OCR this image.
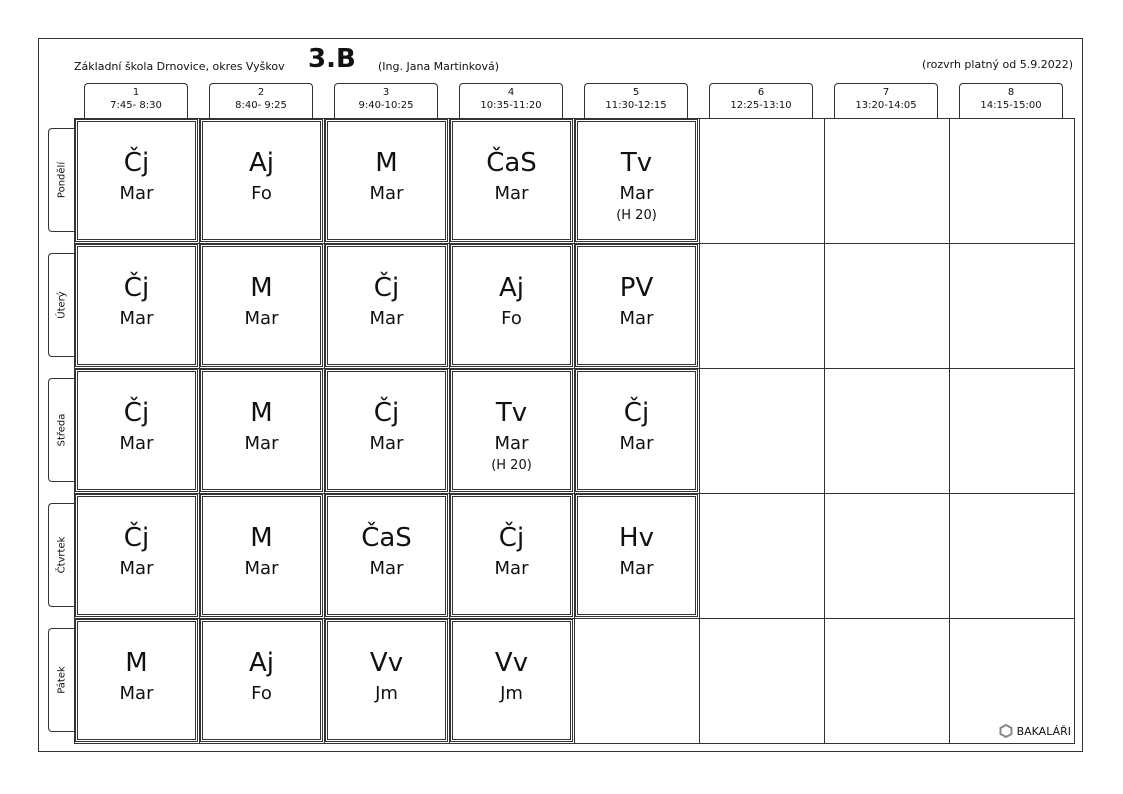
Základní škola Drnovice, okres Vyškov 3.B (Ing. Jana Martinková)	(rozvrh platný od 5.9.2022)
1
7:45- 8:30
2
8:40- 9:25
3
9:40-10:25
4
10:35-11:20
5
11:30-12:15
6
12:25-13:10
7
13:20-14:05
8
14:15-15:00
Pondělí
Úterý
Středa
Čtvrtek
Pátek
Čj
Mar
Aj
Fo
M
Mar
ČaS
Mar
Tv
Mar
(H 20)
Čj
Mar
M
Mar
Čj
Mar
Aj
Fo
PV
Mar
Čj
Mar
M
Mar
Čj
Mar
Tv
Mar
(H 20)
Čj
Mar
Čj
Mar
M
Mar
ČaS
Mar
Čj
Mar
Hv
Mar
M
Mar
Aj
Fo
Vv
Jm
Vv
Jm
BAKALÁŘI
